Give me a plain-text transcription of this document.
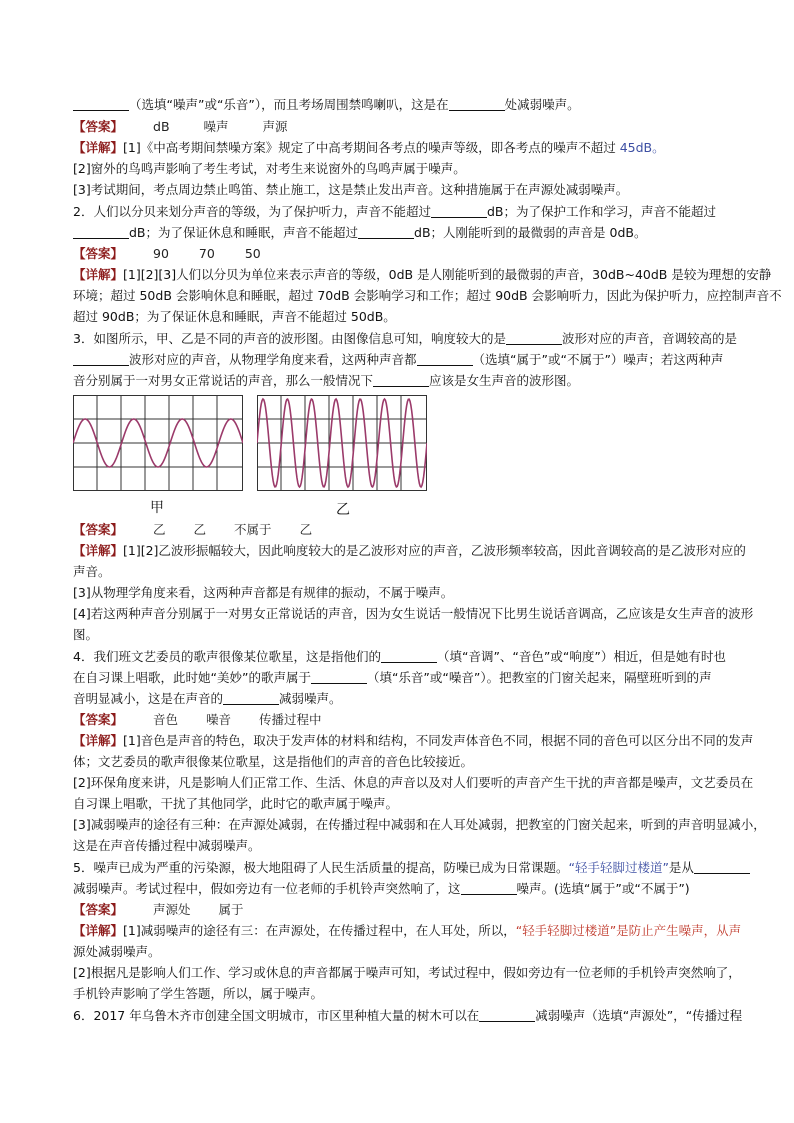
（选填“噪声”或“乐音”），而且考场周围禁鸣喇叭，这是在	处减弱噪声。
【答案】 dB	噪声	声源
【详解】[1]《中高考期间禁噪方案》规定了中高考期间各考点的噪声等级，即各考点的噪声不超过 45dB。
[2]窗外的鸟鸣声影响了考生考试，对考生来说窗外的鸟鸣声属于噪声。
[3]考试期间，考点周边禁止鸣笛、禁止施工，这是禁止发出声音。这种措施属于在声源处减弱噪声。
2．人们以分贝来划分声音的等级，为了保护听力，声音不能超过	dB；为了保护工作和学习，声音不能超过
dB；为了保证休息和睡眠，声音不能超过	dB；人刚能听到的最微弱的声音是 0dB。
【答案】 90 70 50
【详解】[1][2][3]人们以分贝为单位来表示声音的等级，0dB 是人刚能听到的最微弱的声音，30dB~40dB 是较为理想的安静
环境；超过 50dB 会影响休息和睡眠，超过 70dB 会影响学习和工作；超过 90dB 会影响听力，因此为保护听力，应控制声音不
超过 90dB；为了保证休息和睡眠，声音不能超过 50dB。
3．如图所示，甲、乙是不同的声音的波形图。由图像信息可知，响度较大的是	波形对应的声音，音调较高的是
波形对应的声音，从物理学角度来看，这两种声音都	（选填“属于”或“不属于”）噪声；若这两种声
音分别属于一对男女正常说话的声音，那么一般情况下	应该是女生声音的波形图。
甲	乙
【答案】 乙 乙 不属于 乙
【详解】[1][2]乙波形振幅较大，因此响度较大的是乙波形对应的声音，乙波形频率较高，因此音调较高的是乙波形对应的
声音。
[3]从物理学角度来看，这两种声音都是有规律的振动，不属于噪声。
[4]若这两种声音分别属于一对男女正常说话的声音，因为女生说话一般情况下比男生说话音调高，乙应该是女生声音的波形
图。
4．我们班文艺委员的歌声很像某位歌星，这是指他们的	（填“音调”、“音色”或“响度”）相近，但是她有时也
在自习课上唱歌，此时她“美妙”的歌声属于	（填“乐音”或“噪音”）。把教室的门窗关起来，隔壁班听到的声
音明显减小，这是在声音的	减弱噪声。
【答案】 音色 噪音 传播过程中
【详解】[1]音色是声音的特色，取决于发声体的材料和结构，不同发声体音色不同，根据不同的音色可以区分出不同的发声
体；文艺委员的歌声很像某位歌星，这是指他们的声音的音色比较接近。
[2]环保角度来讲，凡是影响人们正常工作、生活、休息的声音以及对人们要听的声音产生干扰的声音都是噪声，文艺委员在
自习课上唱歌，干扰了其他同学，此时它的歌声属于噪声。
[3]减弱噪声的途径有三种：在声源处减弱，在传播过程中减弱和在人耳处减弱，把教室的门窗关起来，听到的声音明显减小，
这是在声音传播过程中减弱噪声。
5．噪声已成为严重的污染源，极大地阻碍了人民生活质量的提高，防噪已成为日常课题。“轻手轻脚过楼道”是从
减弱噪声。考试过程中，假如旁边有一位老师的手机铃声突然响了，这	噪声。(选填“属于”或“不属于”)
【答案】 声源处 属于
【详解】[1]减弱噪声的途径有三：在声源处，在传播过程中，在人耳处，所以，“轻手轻脚过楼道”是防止产生噪声，从声
源处减弱噪声。
[2]根据凡是影响人们工作、学习或休息的声音都属于噪声可知，考试过程中，假如旁边有一位老师的手机铃声突然响了，
手机铃声影响了学生答题，所以，属于噪声。
6．2017 年乌鲁木齐市创建全国文明城市，市区里种植大量的树木可以在	减弱噪声（选填“声源处”，“传播过程
